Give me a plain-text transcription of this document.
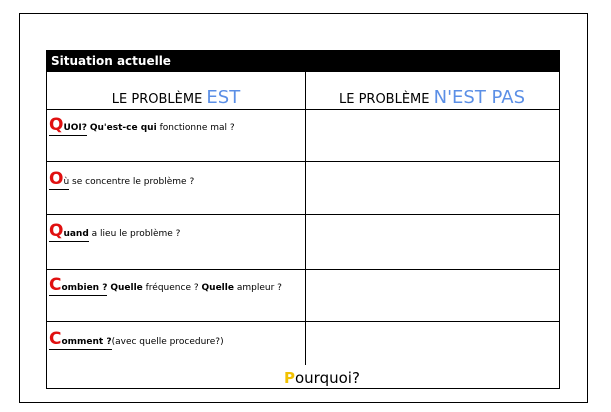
Situation actuelle
LE PROBLÈME EST	LE PROBLÈME N'EST PAS
QUOI? Qu'est-ce qui fonctionne mal ?
Où se concentre le problème ?
Quand a lieu le problème ?
Combien ? Quelle fréquence ? Quelle ampleur ?
Comment ?(avec quelle procedure?)
Pourquoi?
